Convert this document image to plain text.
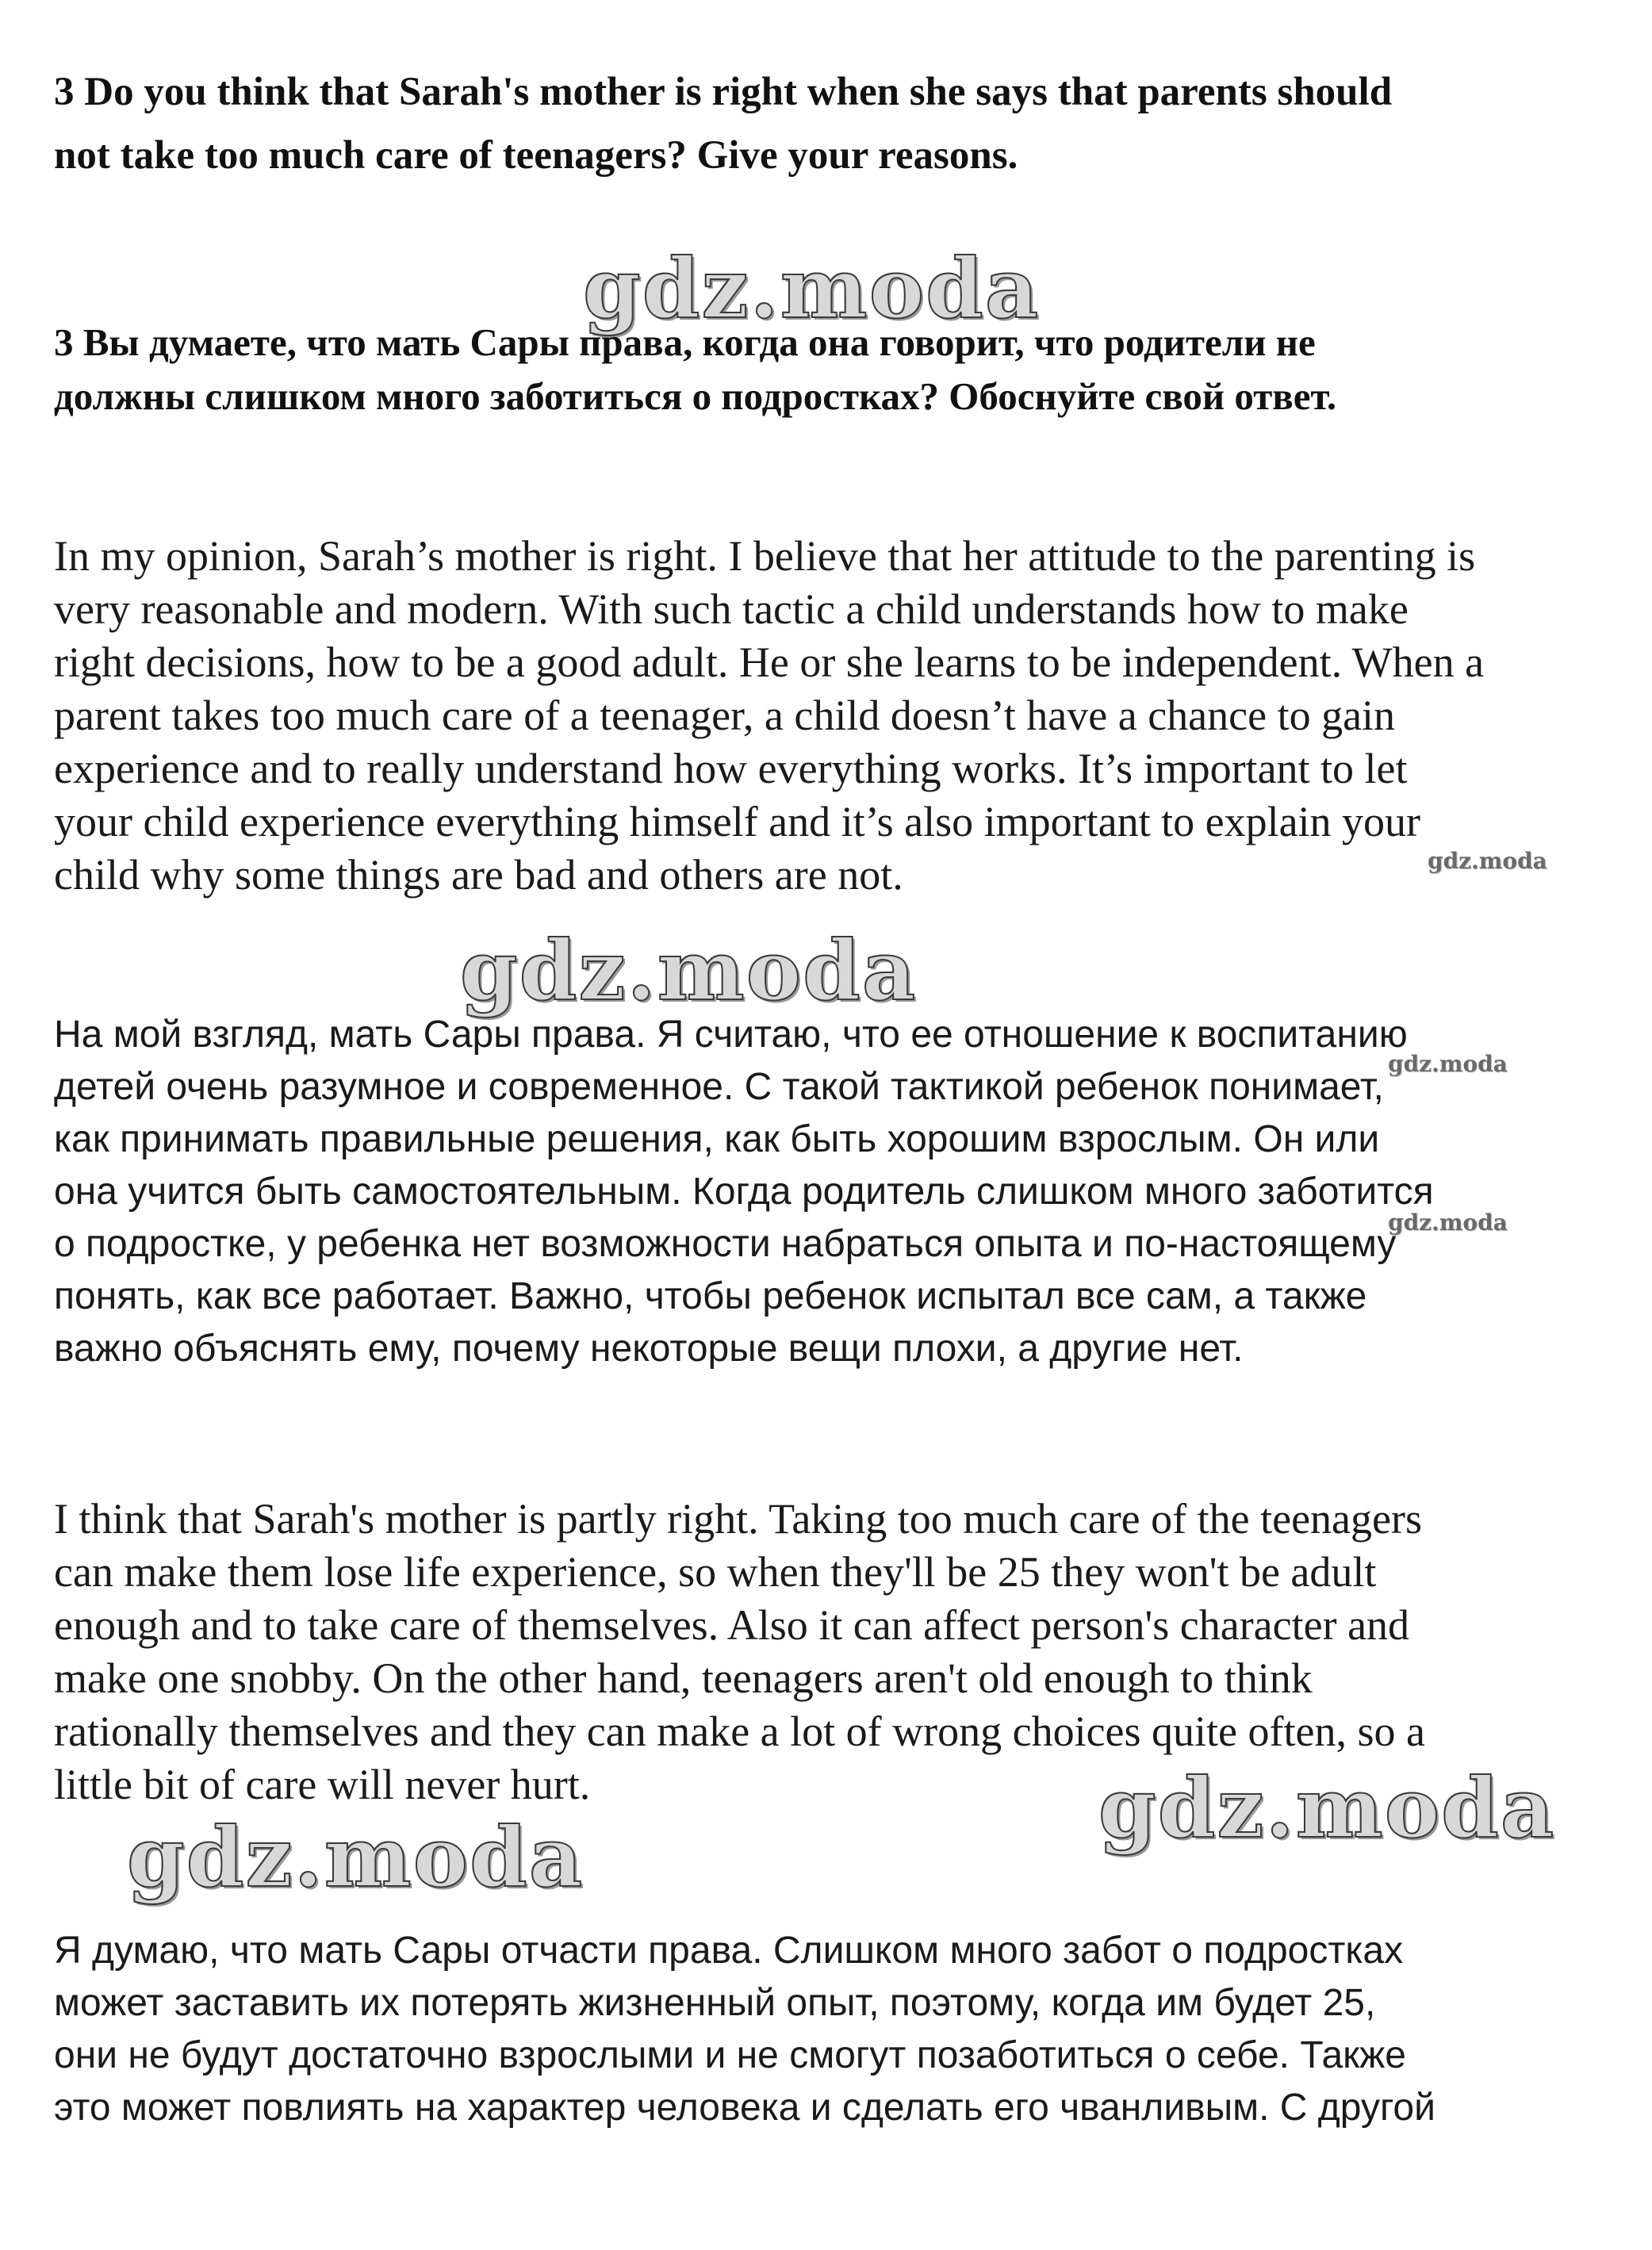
3 Do you think that Sarah's mother is right when she says that parents should

not take too much care of teenagers? Give your reasons.

gdz.moda

3 Вы думаете, что мать Сары права, когда она говорит, что родители не

должны слишком много заботиться о подростках? Обоснуйте свой ответ.

In my opinion, Sarah’s mother is right. I believe that her attitude to the parenting is
very reasonable and modern. With such tactic a child understands how to make
right decisions, how to be a good adult. He or she learns to be independent. When a
parent takes too much care of a teenager, a child doesn’t have a chance to gain
experience and to really understand how everything works. It’s important to let
your child experience everything himself and it’s also important to explain your
child why some things are bad and others are not.	gdz.moda
gdz.moda

На мой взгляд, мать Сары права. Я считаю, что ее отношение к воспитанию
детей очень разумное и современное. С такой тактикой ребенок понимает,
как принимать правильные решения, как быть хорошим взрослым. Он или
она учится быть самостоятельным. Когда родитель слишком много заботится
о подростке, у ребенка нет возможности набраться опыта и по-настоящему
понять, как все работает. Важно, чтобы ребенок испытал все сам, а также
важно объяснять ему, почему некоторые вещи плохи, а другие нет.

gdz.moda
gdz.moda

I think that Sarah's mother is partly right. Taking too much care of the teenagers
can make them lose life experience, so when they'll be 25 they won't be adult
enough and to take care of themselves. Also it can affect person's character and
make one snobby. On the other hand, teenagers aren't old enough to think
rationally themselves and they can make a lot of wrong choices quite often, so a
little bit of care will never hurt.	gdz.moda
gdz.moda

Я думаю, что мать Сары отчасти права. Слишком много забот о подростках
может заставить их потерять жизненный опыт, поэтому, когда им будет 25,
они не будут достаточно взрослыми и не смогут позаботиться о себе. Также
это может повлиять на характер человека и сделать его чванливым. С другой
